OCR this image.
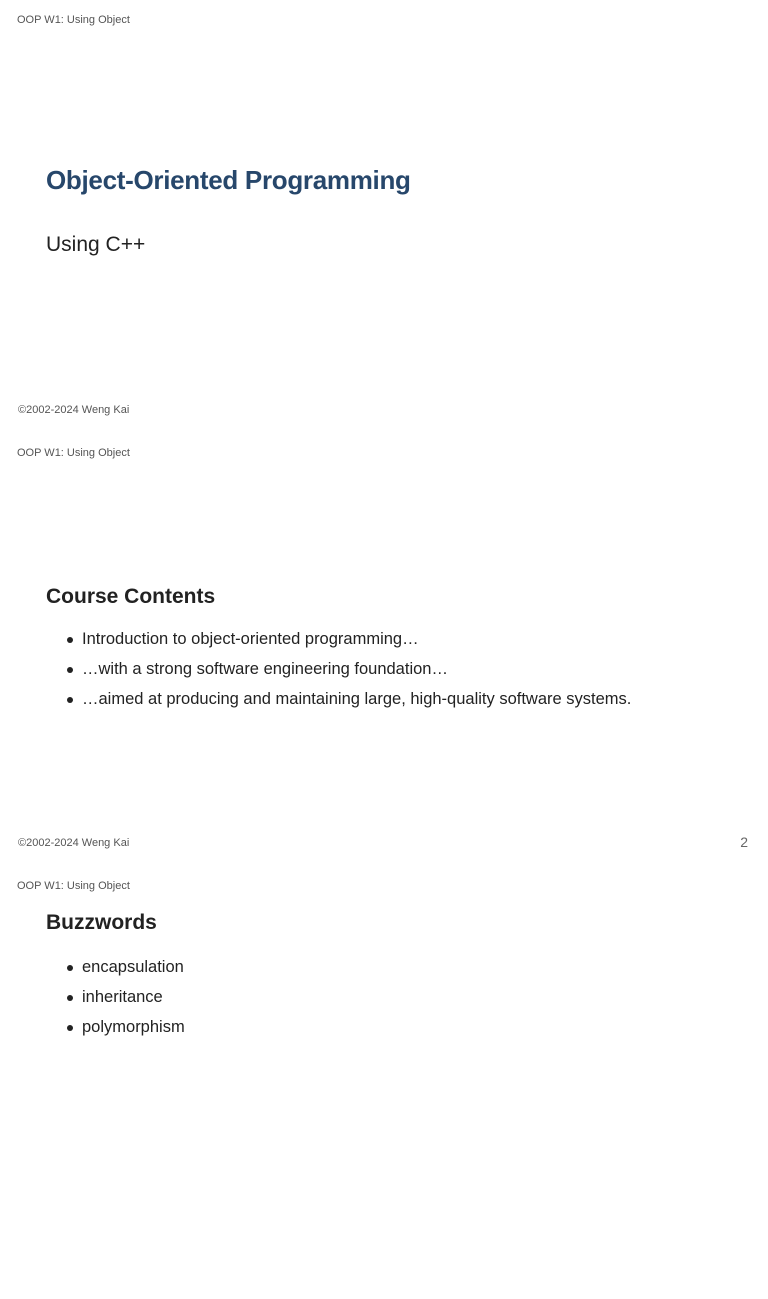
OOP W1: Using Object
Object-Oriented Programming
Using C++
©2002-2024 Weng Kai
OOP W1: Using Object
Course Contents
Introduction to object-oriented programming…
…with a strong software engineering foundation…
…aimed at producing and maintaining large, high-quality software systems.
©2002-2024 Weng Kai	2
OOP W1: Using Object
Buzzwords
encapsulation
inheritance
polymorphism
